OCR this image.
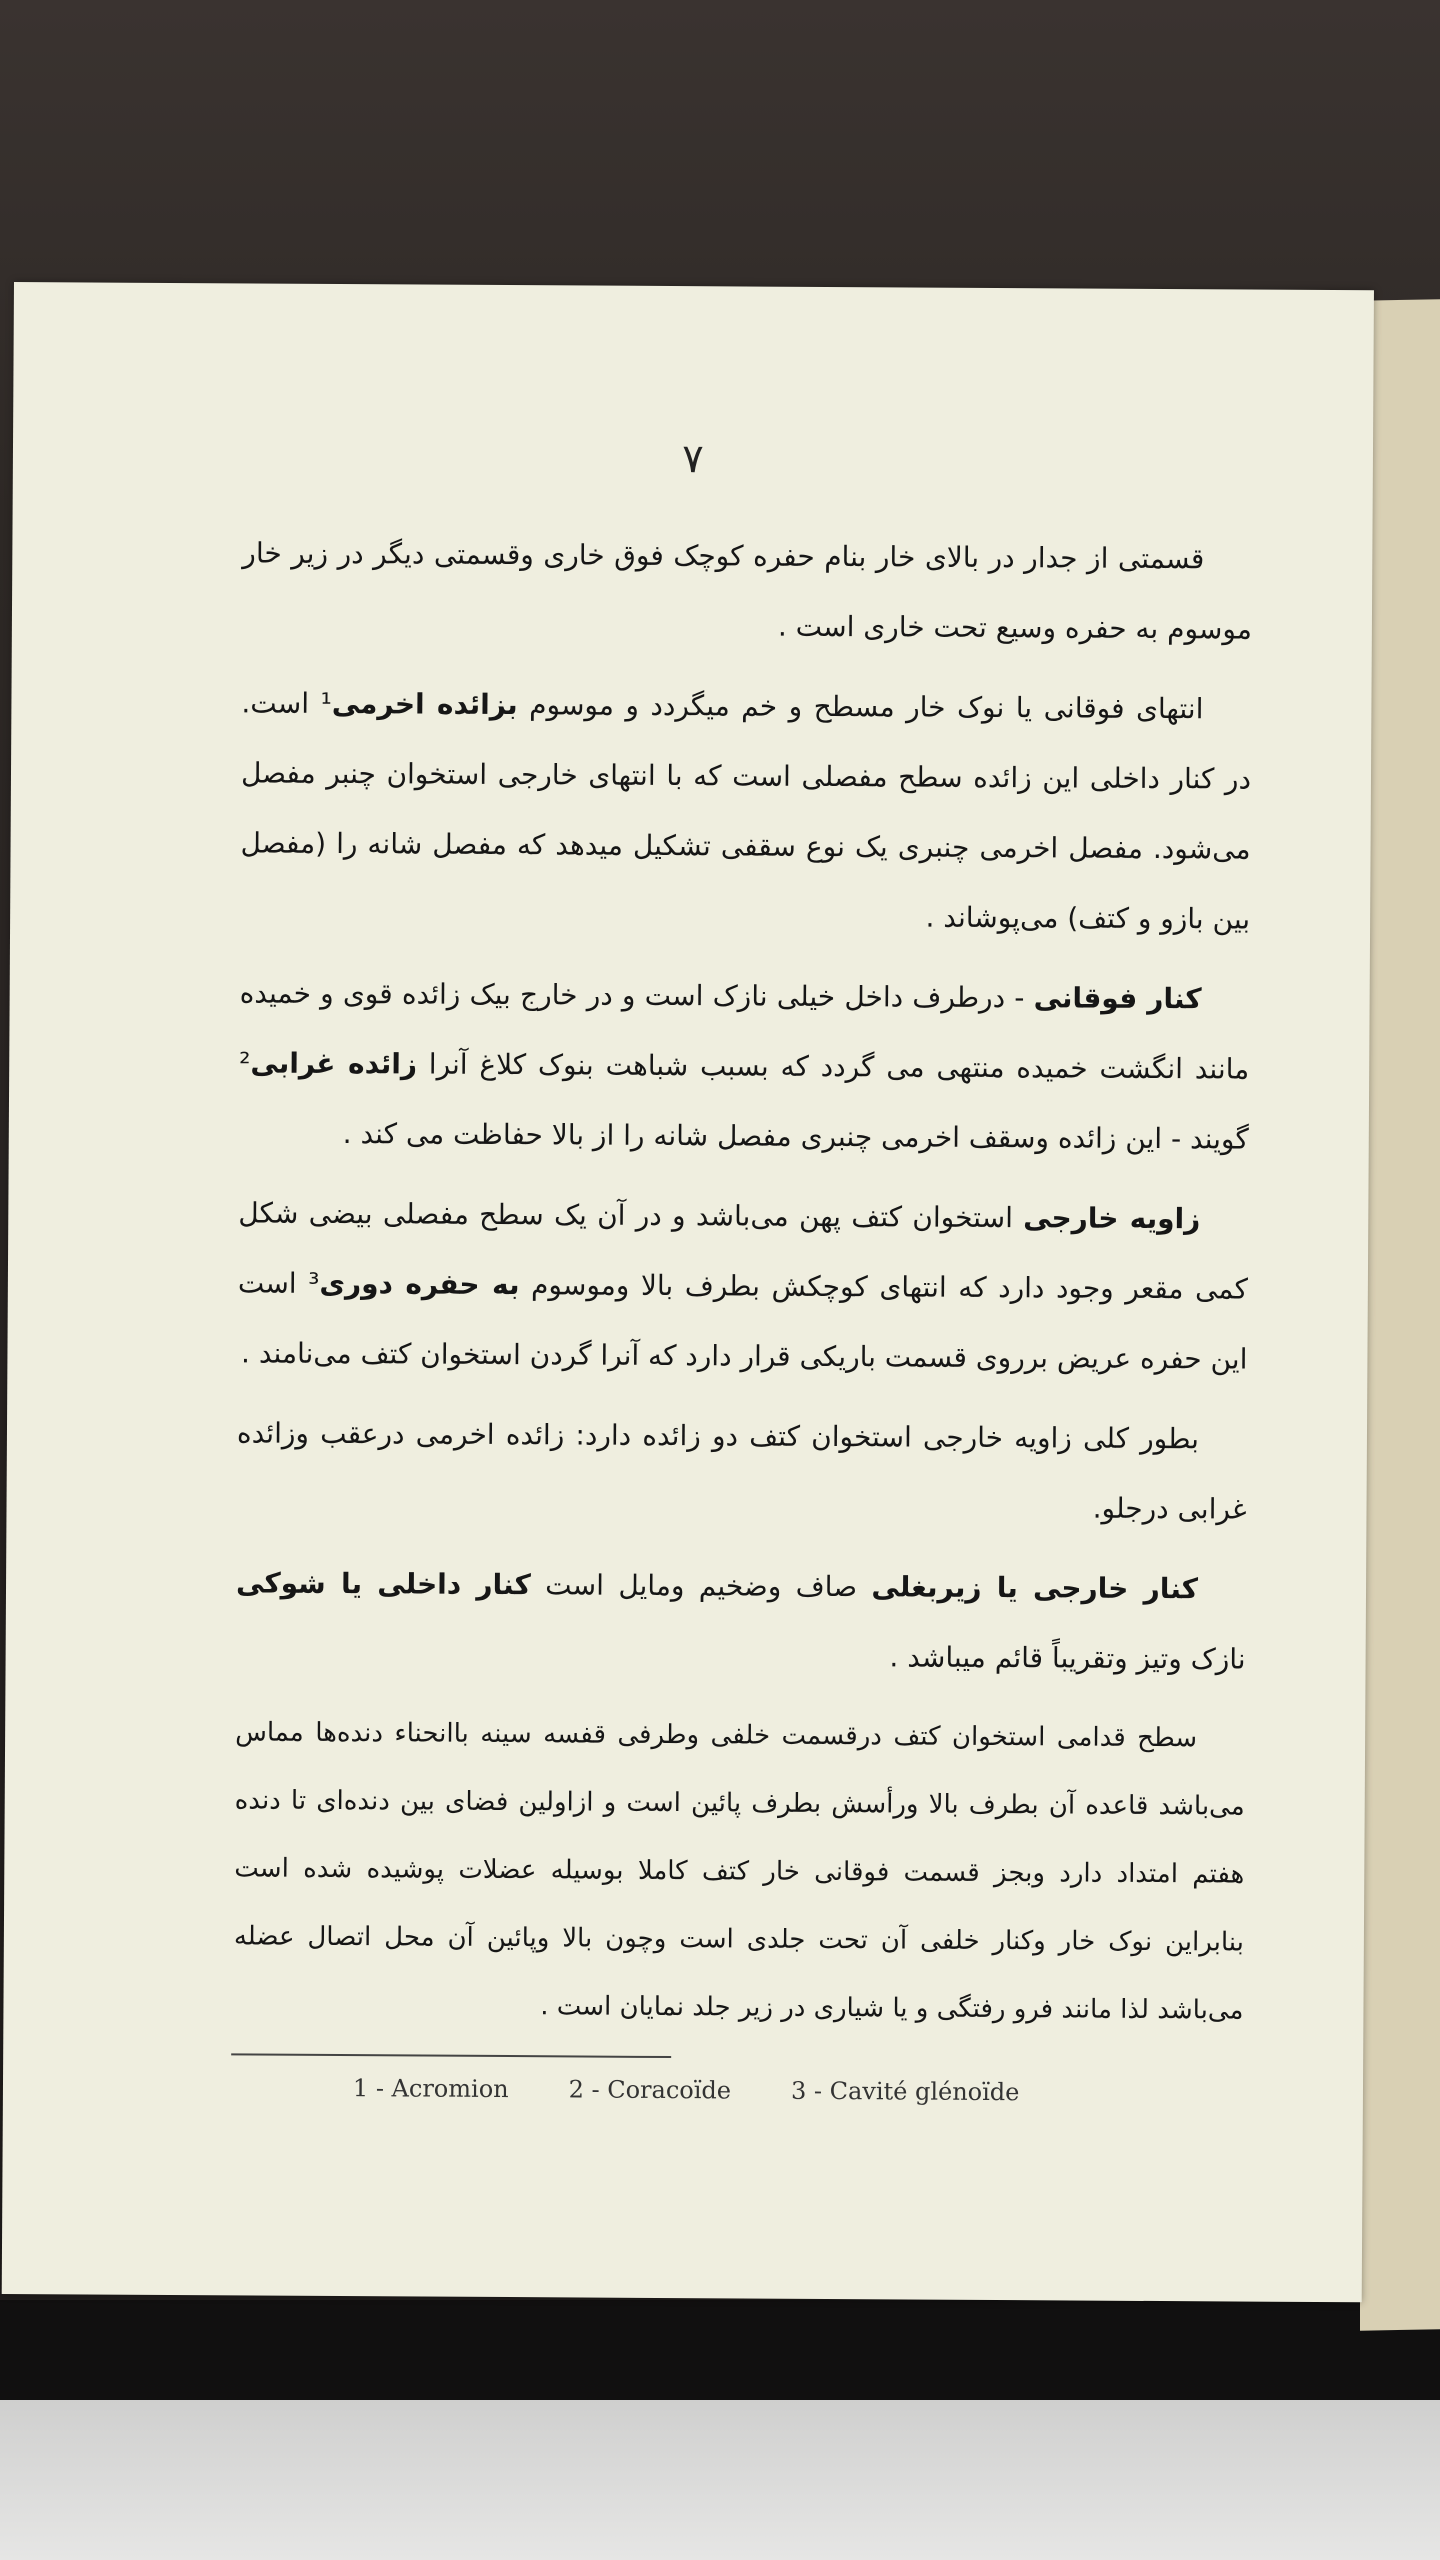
۷

قسمتی از جدار در بالای خار بنام حفره کوچک فوق خاری وقسمتی دیگر در زیر خار موسوم به حفره وسیع تحت خاری است .

انتهای فوقانی یا نوک خار مسطح و خم میگردد و موسوم بزائده اخرمی¹ است. در کنار داخلی این زائده سطح مفصلی است که با انتهای خارجی استخوان چنبر مفصل می‌شود. مفصل اخرمی چنبری یک نوع سقفی تشکیل میدهد که مفصل شانه را (مفصل بین بازو و کتف) می‌پوشاند .

کنار فوقانی - درطرف داخل خیلی نازک است و در خارج بیک زائده قوی و خمیده مانند انگشت خمیده منتهی می گردد که بسبب شباهت بنوک کلاغ آنرا زائده غرابی² گویند - این زائده وسقف اخرمی چنبری مفصل شانه را از بالا حفاظت می کند .

زاویه خارجی استخوان کتف پهن می‌باشد و در آن یک سطح مفصلی بیضی شکل کمی مقعر وجود دارد که انتهای کوچکش بطرف بالا وموسوم به حفره دوری³ است این حفره عریض برروی قسمت باریکی قرار دارد که آنرا گردن استخوان کتف می‌نامند .

بطور کلی زاویه خارجی استخوان کتف دو زائده دارد: زائده اخرمی درعقب وزائده غرابی درجلو.

کنار خارجی یا زیربغلی صاف وضخیم ومایل است کنار داخلی یا شوکی نازک وتیز وتقریباً قائم میباشد .

سطح قدامی استخوان کتف درقسمت خلفی وطرفی قفسه سینه باانحناء دنده‌ها مماس می‌باشد قاعده آن بطرف بالا ورأسش بطرف پائین است و ازاولین فضای بین دنده‌ای تا دنده هفتم امتداد دارد وبجز قسمت فوقانی خار کتف کاملا بوسیله عضلات پوشیده شده است بنابراین نوک خار وکنار خلفی آن تحت جلدی است وچون بالا وپائین آن محل اتصال عضله می‌باشد لذا مانند فرو رفتگی و یا شیاری در زیر جلد نمایان است .

1 - Acromion 2 - Coracoïde 3 - Cavité glénoïde
